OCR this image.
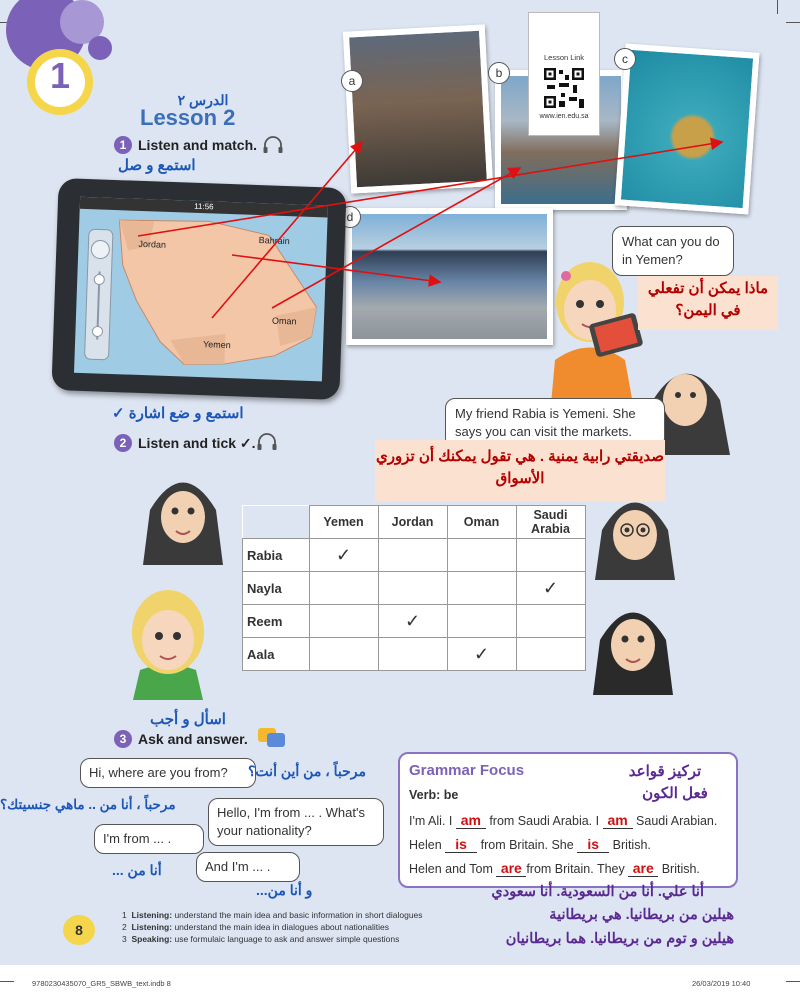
1
الدرس ٢
Lesson 2
1 Listen and match.
استمع و صل
a
b
c
Lesson Link
www.ien.edu.sa
d
11:56
Jordan	Bahrain
Oman
Yemen
What can you do in Yemen?
ماذا يمكن أن تفعلي في اليمن؟
My friend Rabia is Yemeni. She says you can visit the markets.
صديقتي رابية يمنية . هي تقول يمكنك أن تزوري الأسواق
استمع و ضع اشارة ✓
2 Listen and tick ✓.
	Yemen	Jordan	Oman	Saudi Arabia
Rabia	✓			
Nayla				✓
Reem		✓		
Aala			✓	
اسأل و أجب
3 Ask and answer.
Hi, where are you from?	مرحباً ، من أين أنت؟
Hello, I'm from ... . What's your nationality?
مرحباً ، أنا من .. ماهي جنسيتك؟
I'm from ... .
أنا من ...	And I'm ... .
و أنا من...
Grammar Focus
Verb: be
I'm Ali. I am from Saudi Arabia. I am Saudi Arabian.
Helen is from Britain. She is British.
Helen and Tom are from Britain. They are British.
تركيز قواعد
فعل الكون
أنا علي. أنا من السعودية. أنا سعودي
هيلين من بريطانيا. هي بريطانية
هيلين و توم من بريطانيا. هما بريطانيان
8
1 Listening: understand the main idea and basic information in short dialogues
2 Listening: understand the main idea in dialogues about nationalities
3 Speaking: use formulaic language to ask and answer simple questions
9780230435070_GR5_SBWB_text.indb 8	26/03/2019 10:40
